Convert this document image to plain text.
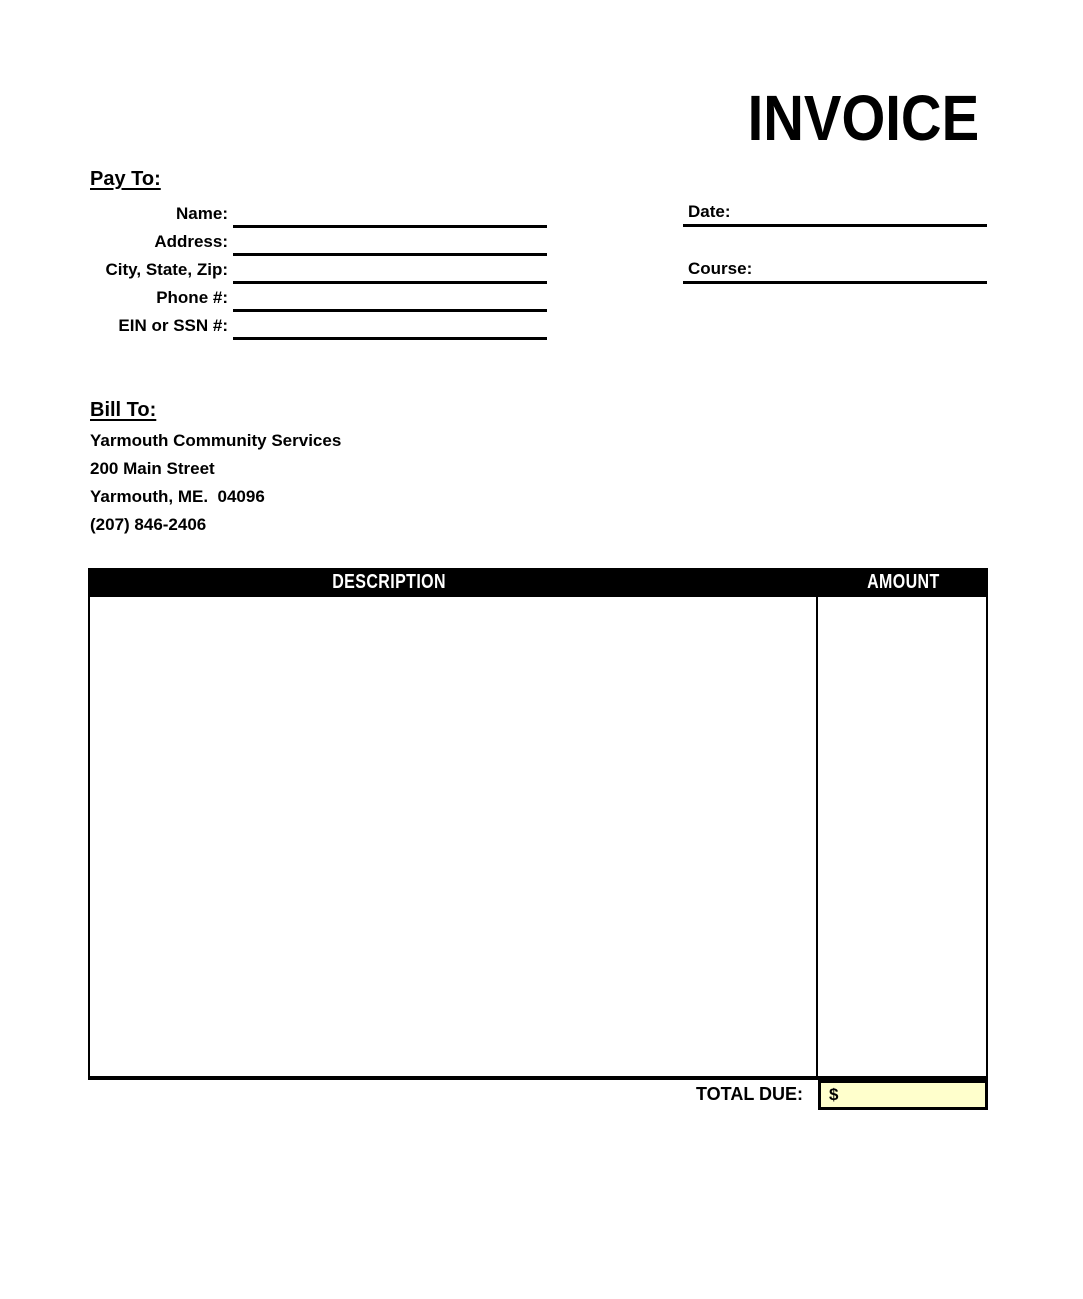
INVOICE
Pay To:
Name:
Address:
City, State, Zip:
Phone #:
EIN or SSN #:
Date:
Course:
Bill To:
Yarmouth Community Services
200 Main Street
Yarmouth, ME.  04096
(207) 846-2406
DESCRIPTION	AMOUNT
TOTAL DUE:	$
